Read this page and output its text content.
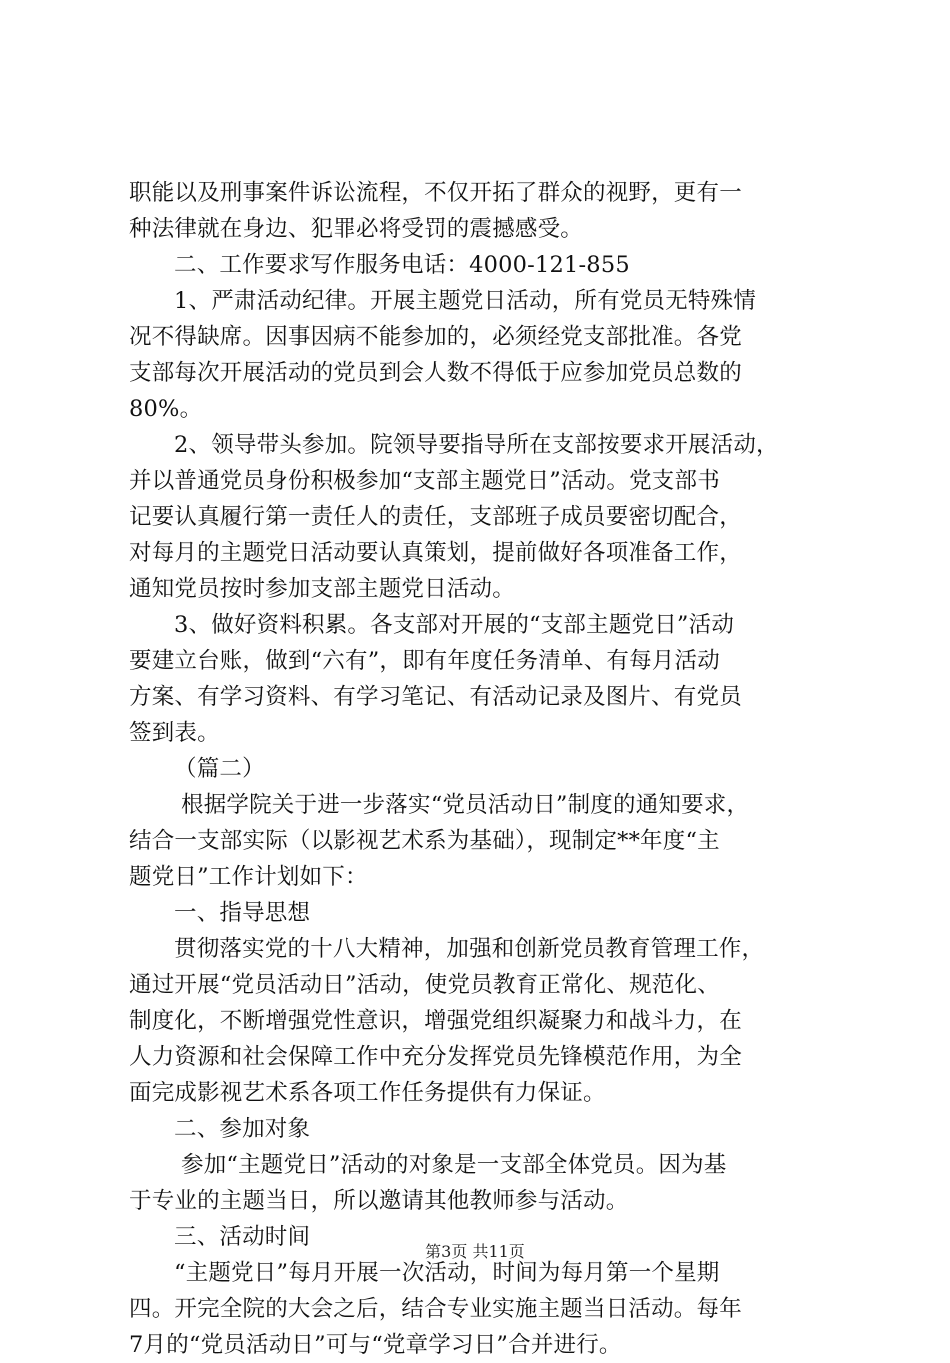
职能以及刑事案件诉讼流程，不仅开拓了群众的视野，更有一
种法律就在身边、犯罪必将受罚的震撼感受。
二、工作要求写作服务电话：4000-121-855
1、严肃活动纪律。开展主题党日活动，所有党员无特殊情
况不得缺席。因事因病不能参加的，必须经党支部批准。各党
支部每次开展活动的党员到会人数不得低于应参加党员总数的
80%。
2、领导带头参加。院领导要指导所在支部按要求开展活动，
并以普通党员身份积极参加“支部主题党日”活动。党支部书
记要认真履行第一责任人的责任，支部班子成员要密切配合，
对每月的主题党日活动要认真策划，提前做好各项准备工作，
通知党员按时参加支部主题党日活动。
3、做好资料积累。各支部对开展的“支部主题党日”活动
要建立台账，做到“六有”，即有年度任务清单、有每月活动
方案、有学习资料、有学习笔记、有活动记录及图片、有党员
签到表。
（篇二）
根据学院关于进一步落实“党员活动日”制度的通知要求，
结合一支部实际（以影视艺术系为基础），现制定**年度“主
题党日”工作计划如下：
一、指导思想
贯彻落实党的十八大精神，加强和创新党员教育管理工作，
通过开展“党员活动日”活动，使党员教育正常化、规范化、
制度化，不断增强党性意识，增强党组织凝聚力和战斗力，在
人力资源和社会保障工作中充分发挥党员先锋模范作用，为全
面完成影视艺术系各项工作任务提供有力保证。
二、参加对象
参加“主题党日”活动的对象是一支部全体党员。因为基
于专业的主题当日，所以邀请其他教师参与活动。
三、活动时间
“主题党日”每月开展一次活动，时间为每月第一个星期
四。开完全院的大会之后，结合专业实施主题当日活动。每年
7月的“党员活动日”可与“党章学习日”合并进行。
第3页 共11页
